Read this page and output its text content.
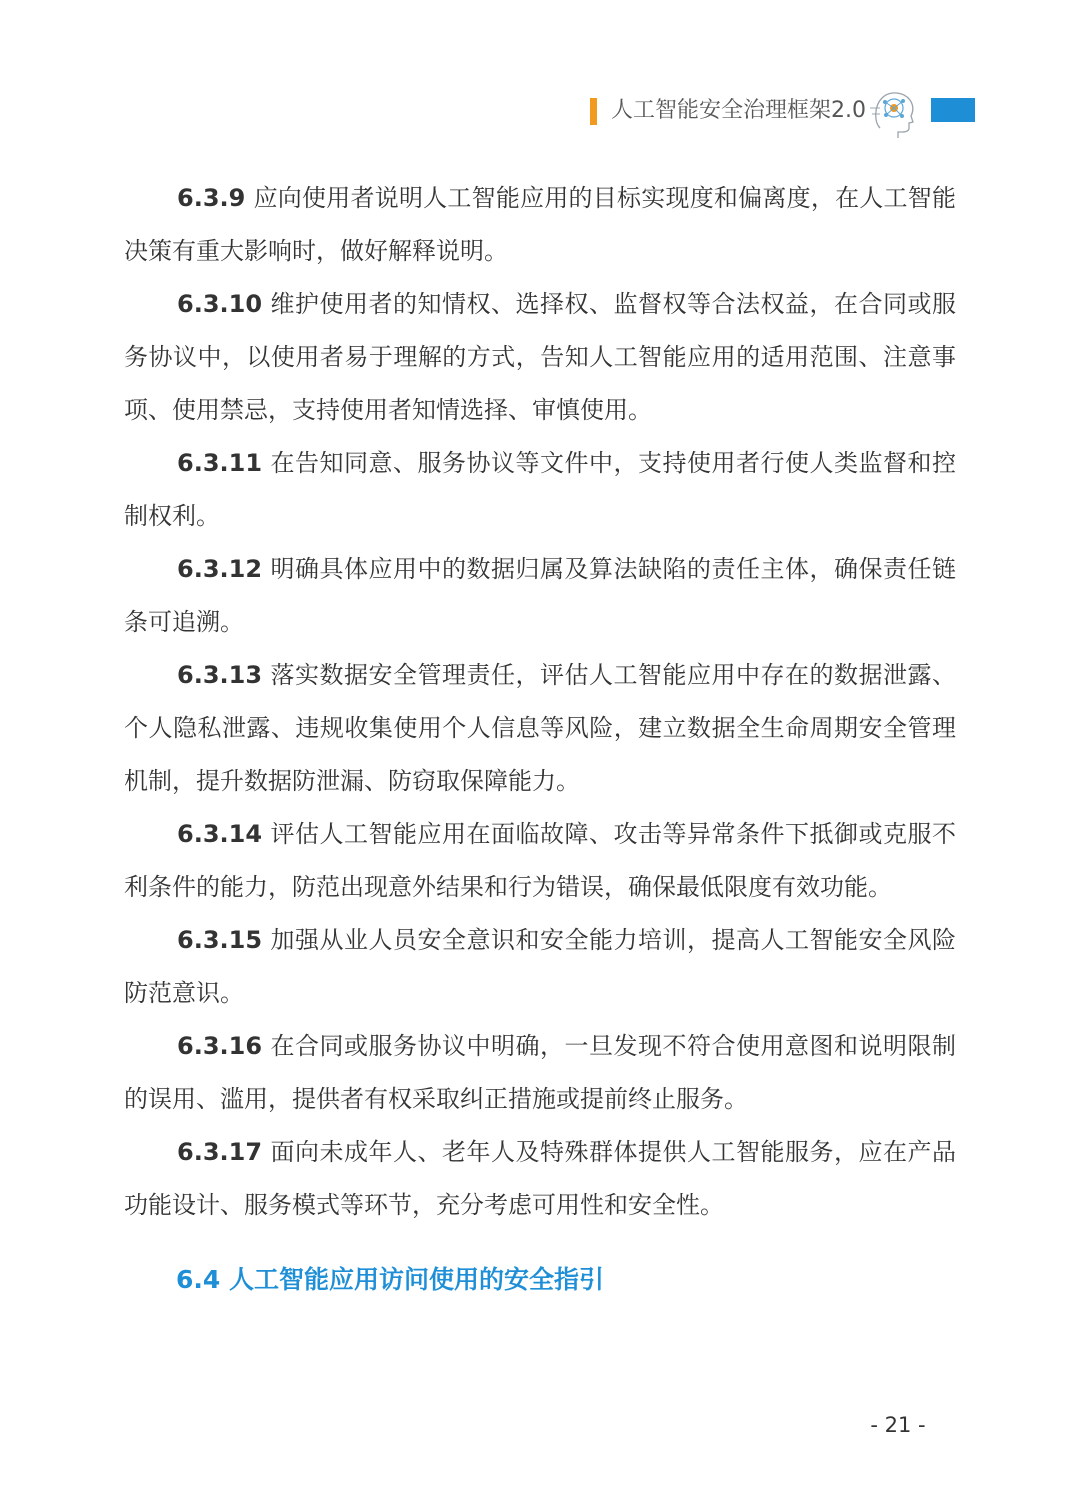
人工智能安全治理框架2.0

6.3.9 应向使用者说明人工智能应用的目标实现度和偏离度，在人工智能决策有重大影响时，做好解释说明。

6.3.10 维护使用者的知情权、选择权、监督权等合法权益，在合同或服务协议中，以使用者易于理解的方式，告知人工智能应用的适用范围、注意事项、使用禁忌，支持使用者知情选择、审慎使用。

6.3.11 在告知同意、服务协议等文件中，支持使用者行使人类监督和控制权利。

6.3.12 明确具体应用中的数据归属及算法缺陷的责任主体，确保责任链条可追溯。

6.3.13 落实数据安全管理责任，评估人工智能应用中存在的数据泄露、个人隐私泄露、违规收集使用个人信息等风险，建立数据全生命周期安全管理机制，提升数据防泄漏、防窃取保障能力。

6.3.14 评估人工智能应用在面临故障、攻击等异常条件下抵御或克服不利条件的能力，防范出现意外结果和行为错误，确保最低限度有效功能。

6.3.15 加强从业人员安全意识和安全能力培训，提高人工智能安全风险防范意识。

6.3.16 在合同或服务协议中明确，一旦发现不符合使用意图和说明限制的误用、滥用，提供者有权采取纠正措施或提前终止服务。

6.3.17 面向未成年人、老年人及特殊群体提供人工智能服务，应在产品功能设计、服务模式等环节，充分考虑可用性和安全性。

6.4 人工智能应用访问使用的安全指引
- 21 -
